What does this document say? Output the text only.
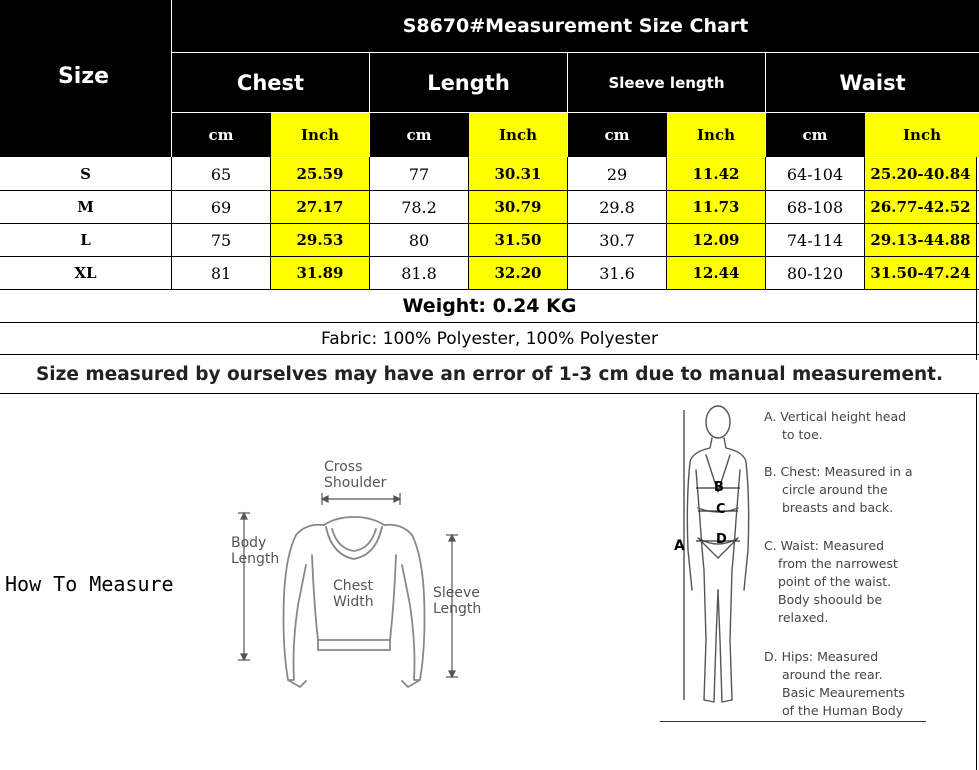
Size
S8670#Measurement Size Chart
Chest	Length	Sleeve length	Waist
cm	Inch	cm	Inch	cm	Inch	cm	Inch
S	65	25.59	77	30.31	29	11.42	64-104	25.20-40.84
M	69	27.17	78.2	30.79	29.8	11.73	68-108	26.77-42.52
L	75	29.53	80	31.50	30.7	12.09	74-114	29.13-44.88
XL	81	31.89	81.8	32.20	31.6	12.44	80-120	31.50-47.24
Weight: 0.24 KG
Fabric: 100% Polyester, 100% Polyester
Size measured by ourselves may have an error of 1-3 cm due to manual measurement.
How To Measure
Cross
Shoulder
Body
Length
Chest
Width
Sleeve
Length
A
B
C
D
A. Vertical height head
to toe.
B. Chest: Measured in a
circle around the
breasts and back.
C. Waist: Measured
from the narrowest
point of the waist.
Body shoould be
relaxed.
D. Hips: Measured
around the rear.
Basic Meaurements
of the Human Body
